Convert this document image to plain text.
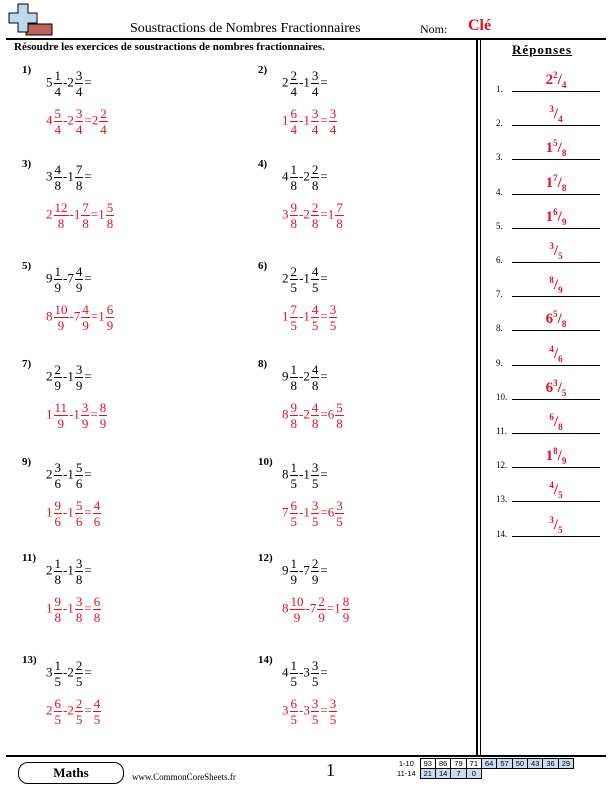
Soustractions de Nombres Fractionnaires	Nom: Clé
Résoudre les exercices de soustractions de nombres fractionnaires.	Réponses
1.
$2^2/_4$
2.
$^3/_4$
3.
$1^5/_8$
4.
$1^7/_8$
5.
$1^6/_9$
6.
$^3/_5$
7.
$^8/_9$
8.
$6^5/_8$
9.
$^4/_6$
10.
$6^3/_5$
11.
$^6/_8$
12.
$1^8/_9$
13.
$^4/_5$
14.
$^3/_5$
1)
$5 \frac{1}{4} -2 \frac{3}{4}$ =
$4 \frac{5}{4} -2 \frac{3}{4} =2 \frac{2}{4}$
2)
$2 \frac{2}{4} -1 \frac{3}{4}$ =
$1 \frac{6}{4} -1 \frac{3}{4} = \frac{3}{4}$
3)
$3 \frac{4}{8} -1 \frac{7}{8}$ =
$2 \frac{12}{8} -1 \frac{7}{8} =1 \frac{5}{8}$
4)
$4 \frac{1}{8} -2 \frac{2}{8}$ =
$3 \frac{9}{8} -2 \frac{2}{8} =1 \frac{7}{8}$
5)
$9 \frac{1}{9} -7 \frac{4}{9}$ =
$8 \frac{10}{9} -7 \frac{4}{9} =1 \frac{6}{9}$
6)
$2 \frac{2}{5} -1 \frac{4}{5}$ =
$1 \frac{7}{5} -1 \frac{4}{5} = \frac{3}{5}$
7)
$2 \frac{2}{9} -1 \frac{3}{9}$ =
$1 \frac{11}{9} -1 \frac{3}{9} = \frac{8}{9}$
8)
$9 \frac{1}{8} -2 \frac{4}{8}$ =
$8 \frac{9}{8} -2 \frac{4}{8} =6 \frac{5}{8}$
9)
$2 \frac{3}{6} -1 \frac{5}{6}$ =
$1 \frac{9}{6} -1 \frac{5}{6} = \frac{4}{6}$
10)
$8 \frac{1}{5} -1 \frac{3}{5}$ =
$7 \frac{6}{5} -1 \frac{3}{5} =6 \frac{3}{5}$
11)
$2 \frac{1}{8} -1 \frac{3}{8}$ =
$1 \frac{9}{8} -1 \frac{3}{8} = \frac{6}{8}$
12)
$9 \frac{1}{9} -7 \frac{2}{9}$ =
$8 \frac{10}{9} -7 \frac{2}{9} =1 \frac{8}{9}$
13)
$3 \frac{1}{5} -2 \frac{2}{5}$ =
$2 \frac{6}{5} -2 \frac{2}{5} = \frac{4}{5}$
14)
$4 \frac{1}{5} -3 \frac{3}{5}$ =
$3 \frac{6}{5} -3 \frac{3}{5} = \frac{3}{5}$
Maths	www.CommonCoreSheets.fr	1	1-10	93	86	79	71	64	57	50	43	36	29
11-14	21	14	7	0						
